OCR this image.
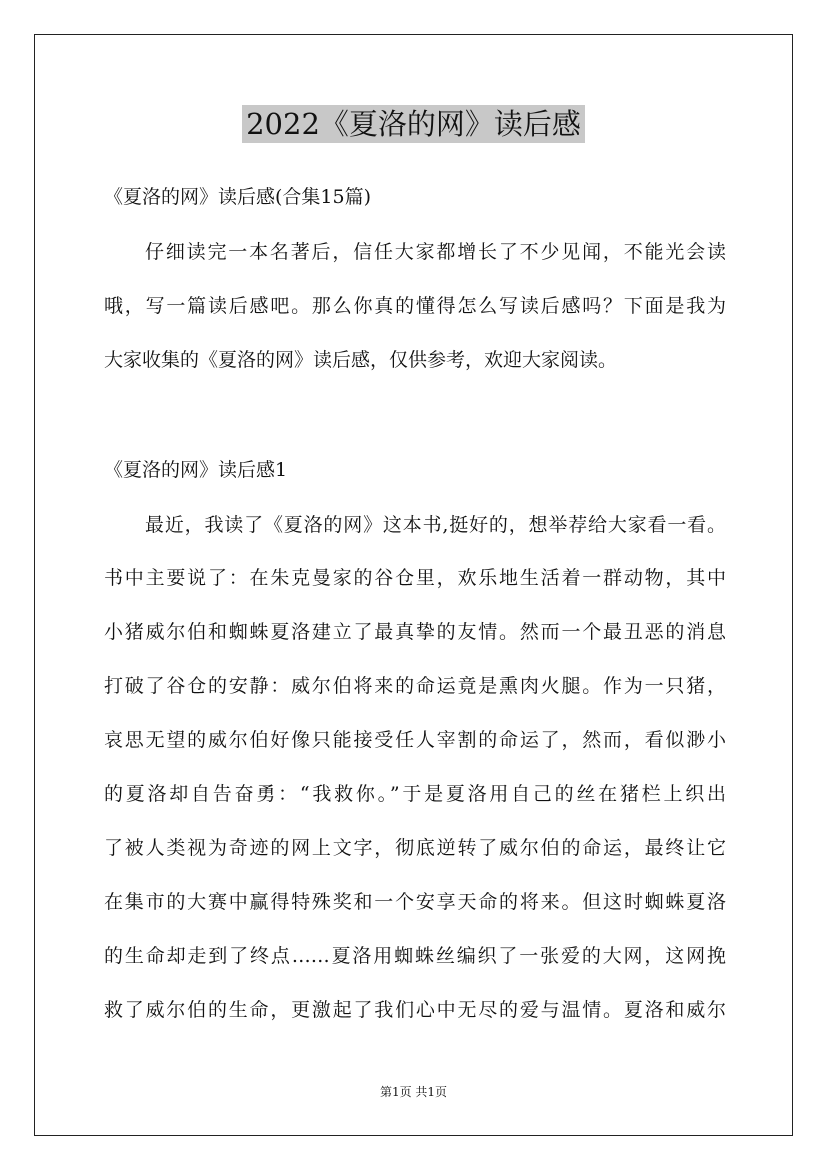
2022《夏洛的网》读后感
《夏洛的网》读后感(合集15篇)
仔细读完一本名著后，信任大家都增长了不少见闻，不能光会读
哦，写一篇读后感吧。那么你真的懂得怎么写读后感吗？下面是我为
大家收集的《夏洛的网》读后感，仅供参考，欢迎大家阅读。
《夏洛的网》读后感1
最近，我读了《夏洛的网》这本书,挺好的，想举荐给大家看一看。
书中主要说了：在朱克曼家的谷仓里，欢乐地生活着一群动物，其中
小猪威尔伯和蜘蛛夏洛建立了最真挚的友情。然而一个最丑恶的消息
打破了谷仓的安静：威尔伯将来的命运竟是熏肉火腿。作为一只猪，
哀思无望的威尔伯好像只能接受任人宰割的命运了，然而，看似渺小
的夏洛却自告奋勇：“我救你。”于是夏洛用自己的丝在猪栏上织出
了被人类视为奇迹的网上文字，彻底逆转了威尔伯的命运，最终让它
在集市的大赛中赢得特殊奖和一个安享天命的将来。但这时蜘蛛夏洛
的生命却走到了终点……夏洛用蜘蛛丝编织了一张爱的大网，这网挽
救了威尔伯的生命，更激起了我们心中无尽的爱与温情。夏洛和威尔
第1页 共1页
